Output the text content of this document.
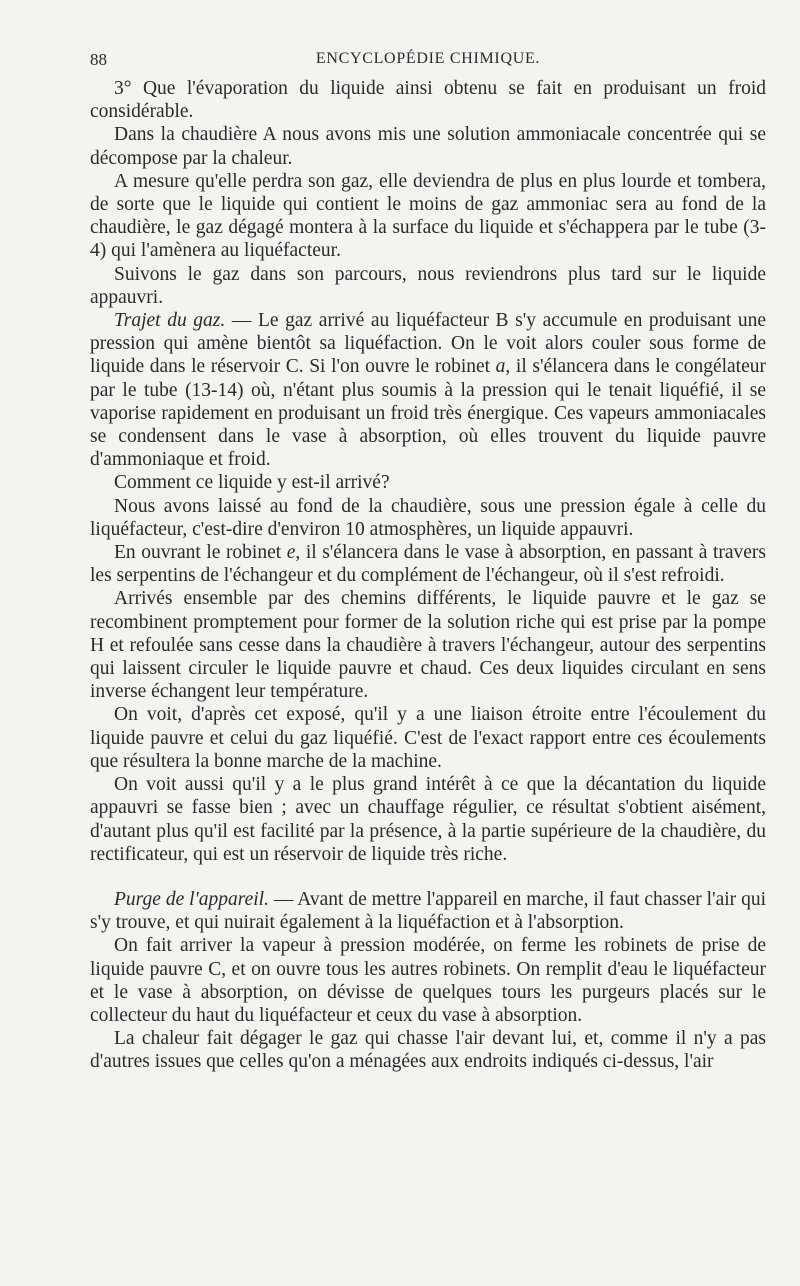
88	ENCYCLOPÉDIE CHIMIQUE.

3° Que l'évaporation du liquide ainsi obtenu se fait en produisant un froid considérable.

Dans la chaudière A nous avons mis une solution ammoniacale concentrée qui se décompose par la chaleur.

A mesure qu'elle perdra son gaz, elle deviendra de plus en plus lourde et tombera, de sorte que le liquide qui contient le moins de gaz ammoniac sera au fond de la chaudière, le gaz dégagé montera à la surface du liquide et s'échappera par le tube (3-4) qui l'amènera au liquéfacteur.

Suivons le gaz dans son parcours, nous reviendrons plus tard sur le liquide appauvri.

Trajet du gaz. — Le gaz arrivé au liquéfacteur B s'y accumule en produisant une pression qui amène bientôt sa liquéfaction. On le voit alors couler sous forme de liquide dans le réservoir C. Si l'on ouvre le robinet a, il s'élancera dans le congélateur par le tube (13-14) où, n'étant plus soumis à la pression qui le tenait liquéfié, il se vaporise rapidement en produisant un froid très énergique. Ces vapeurs ammoniacales se condensent dans le vase à absorption, où elles trouvent du liquide pauvre d'ammoniaque et froid.

Comment ce liquide y est-il arrivé?

Nous avons laissé au fond de la chaudière, sous une pression égale à celle du liquéfacteur, c'est-dire d'environ 10 atmosphères, un liquide appauvri.

En ouvrant le robinet e, il s'élancera dans le vase à absorption, en passant à travers les serpentins de l'échangeur et du complément de l'échangeur, où il s'est refroidi.

Arrivés ensemble par des chemins différents, le liquide pauvre et le gaz se recombinent promptement pour former de la solution riche qui est prise par la pompe H et refoulée sans cesse dans la chaudière à travers l'échangeur, autour des serpentins qui laissent circuler le liquide pauvre et chaud. Ces deux liquides circulant en sens inverse échangent leur température.

On voit, d'après cet exposé, qu'il y a une liaison étroite entre l'écoulement du liquide pauvre et celui du gaz liquéfié. C'est de l'exact rapport entre ces écoulements que résultera la bonne marche de la machine.

On voit aussi qu'il y a le plus grand intérêt à ce que la décantation du liquide appauvri se fasse bien ; avec un chauffage régulier, ce résultat s'obtient aisément, d'autant plus qu'il est facilité par la présence, à la partie supérieure de la chaudière, du rectificateur, qui est un réservoir de liquide très riche.

Purge de l'appareil. — Avant de mettre l'appareil en marche, il faut chasser l'air qui s'y trouve, et qui nuirait également à la liquéfaction et à l'absorption.

On fait arriver la vapeur à pression modérée, on ferme les robinets de prise de liquide pauvre C, et on ouvre tous les autres robinets. On remplit d'eau le liquéfacteur et le vase à absorption, on dévisse de quelques tours les purgeurs placés sur le collecteur du haut du liquéfacteur et ceux du vase à absorption.

La chaleur fait dégager le gaz qui chasse l'air devant lui, et, comme il n'y a pas d'autres issues que celles qu'on a ménagées aux endroits indiqués ci-dessus, l'air
